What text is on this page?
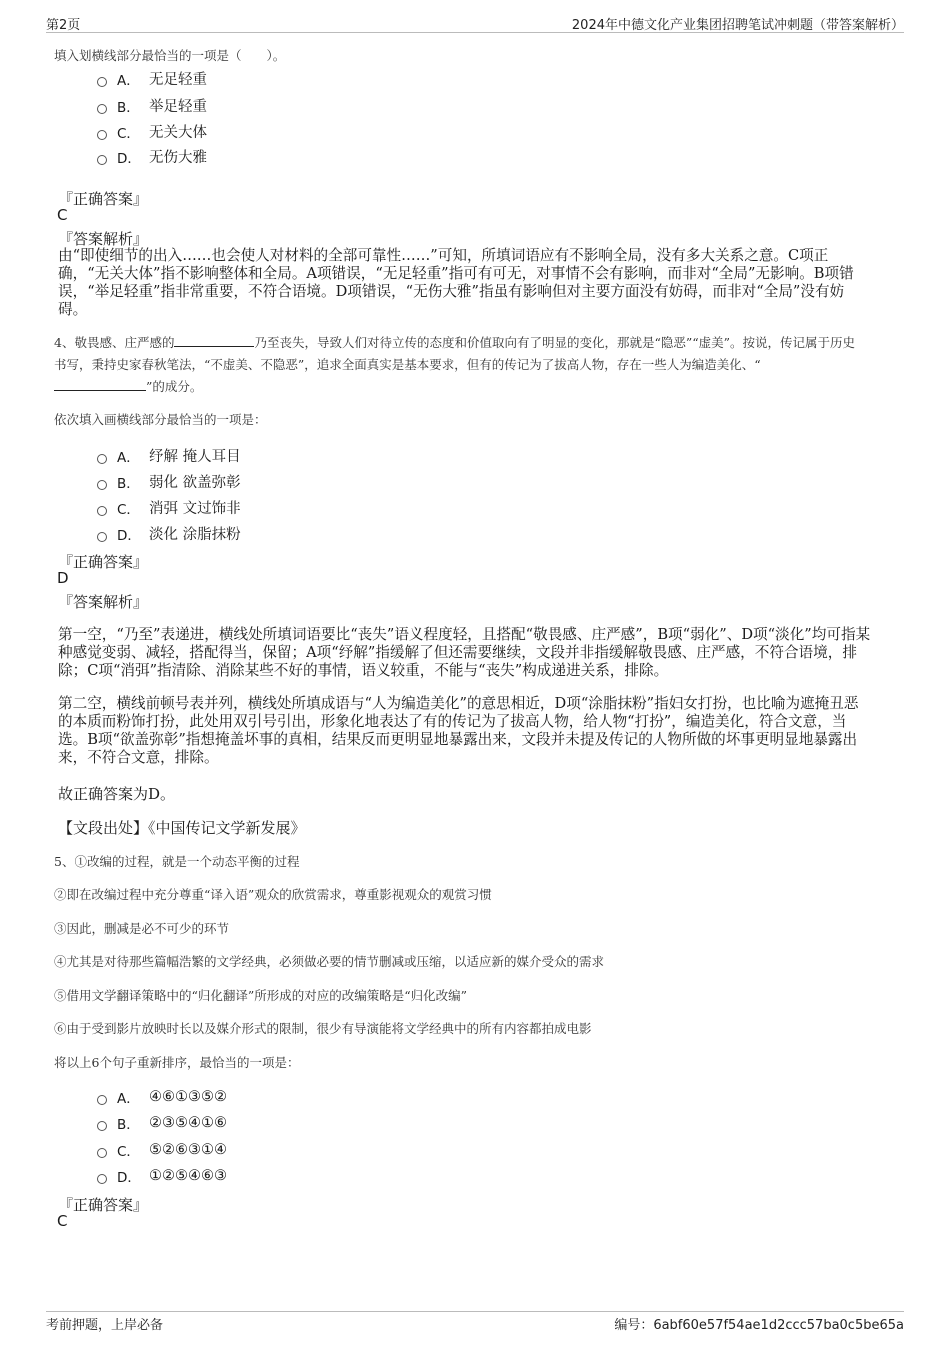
第2页	2024年中德文化产业集团招聘笔试冲刺题（带答案解析）
填入划横线部分最恰当的一项是（　　）。
A． 无足轻重
B． 举足轻重
C． 无关大体
D． 无伤大雅
『正确答案』
C
『答案解析』
由“即使细节的出入……也会使人对材料的全部可靠性……”可知，所填词语应有不影响全局，没有多大关系之意。C项正
确，“无关大体”指不影响整体和全局。A项错误，“无足轻重”指可有可无，对事情不会有影响，而非对“全局”无影响。B项错
误，“举足轻重”指非常重要，不符合语境。D项错误，“无伤大雅”指虽有影响但对主要方面没有妨碍，而非对“全局”没有妨
碍。
4、敬畏感、庄严感的	乃至丧失，导致人们对待立传的态度和价值取向有了明显的变化，那就是“隐恶”“虚美”。按说，传记属于历史
书写，秉持史家春秋笔法，“不虚美、不隐恶”，追求全面真实是基本要求，但有的传记为了拔高人物，存在一些人为编造美化、“
”的成分。
依次填入画横线部分最恰当的一项是：
A． 纾解 掩人耳目
B． 弱化 欲盖弥彰
C． 消弭 文过饰非
D． 淡化 涂脂抹粉
『正确答案』
D
『答案解析』
第一空，“乃至”表递进，横线处所填词语要比“丧失”语义程度轻，且搭配“敬畏感、庄严感”，B项“弱化”、D项“淡化”均可指某
种感觉变弱、减轻，搭配得当，保留；A项“纾解”指缓解了但还需要继续，文段并非指缓解敬畏感、庄严感，不符合语境，排
除；C项“消弭”指清除、消除某些不好的事情，语义较重，不能与“丧失”构成递进关系，排除。
第二空，横线前顿号表并列，横线处所填成语与“人为编造美化”的意思相近，D项“涂脂抹粉”指妇女打扮，也比喻为遮掩丑恶
的本质而粉饰打扮，此处用双引号引出，形象化地表达了有的传记为了拔高人物，给人物“打扮”，编造美化，符合文意，当
选。B项“欲盖弥彰”指想掩盖坏事的真相，结果反而更明显地暴露出来，文段并未提及传记的人物所做的坏事更明显地暴露出
来，不符合文意，排除。
故正确答案为D。
【文段出处】《中国传记文学新发展》
5、①改编的过程，就是一个动态平衡的过程
②即在改编过程中充分尊重“译入语”观众的欣赏需求，尊重影视观众的观赏习惯
③因此，删减是必不可少的环节
④尤其是对待那些篇幅浩繁的文学经典，必须做必要的情节删减或压缩，以适应新的媒介受众的需求
⑤借用文学翻译策略中的“归化翻译”所形成的对应的改编策略是“归化改编”
⑥由于受到影片放映时长以及媒介形式的限制，很少有导演能将文学经典中的所有内容都拍成电影
将以上6个句子重新排序，最恰当的一项是：
A． ④⑥①③⑤②
B． ②③⑤④①⑥
C． ⑤②⑥③①④
D． ①②⑤④⑥③
『正确答案』
C
考前押题，上岸必备	编号：6abf60e57f54ae1d2ccc57ba0c5be65a
